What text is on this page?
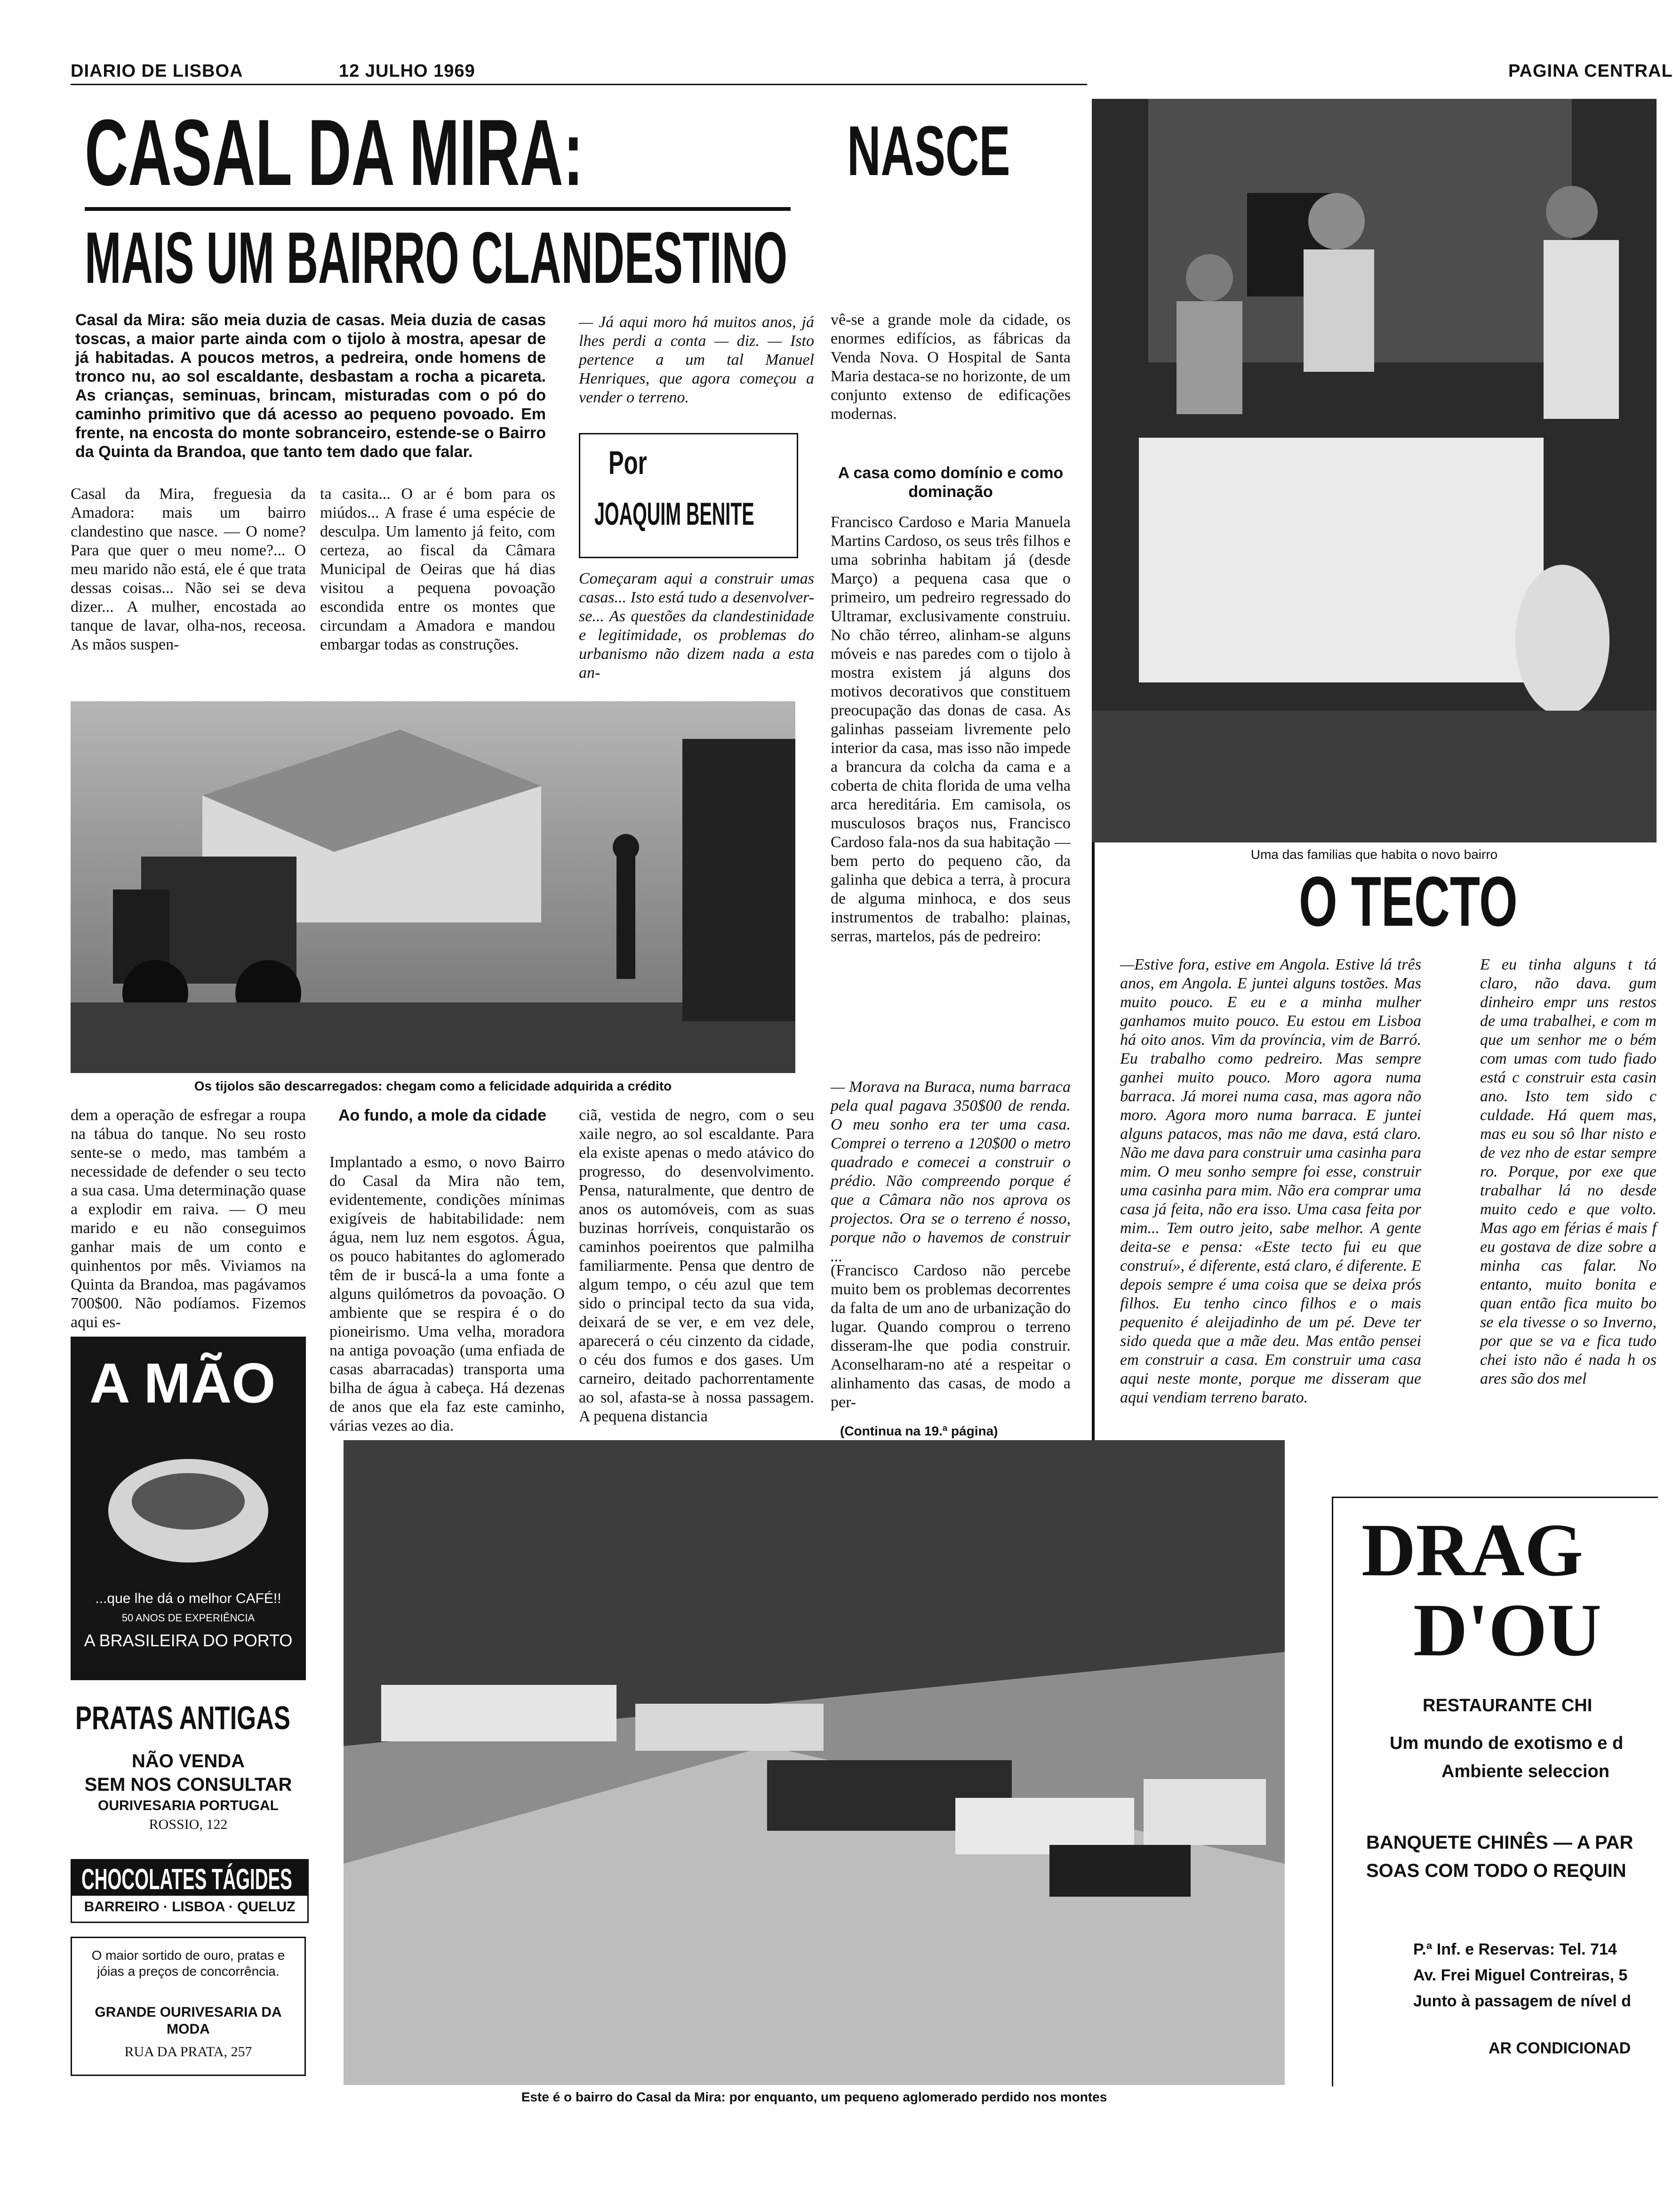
DIARIO DE LISBOA	12 JULHO 1969	PAGINA CENTRAL
CASAL DA MIRA:	NASCE
MAIS UM BAIRRO CLANDESTINO
Casal da Mira: são meia duzia de casas. Meia duzia de casas toscas, a maior parte ainda com o tijolo à mostra, apesar de já habitadas. A poucos metros, a pedreira, onde homens de tronco nu, ao sol escaldante, desbastam a rocha a picareta. As crianças, seminuas, brincam, misturadas com o pó do caminho primitivo que dá acesso ao pequeno povoado. Em frente, na encosta do monte sobranceiro, estende-se o Bairro da Quinta da Brandoa, que tanto tem dado que falar.	Por
JOAQUIM BENITE
Casal da Mira, freguesia da Amadora: mais um bairro clandestino que nasce. — O nome? Para que quer o meu nome?... O meu marido não está, ele é que trata dessas coisas... Não sei se deva dizer... A mulher, encostada ao tanque de lavar, olha-nos, receosa. As mãos suspen-
ta casita... O ar é bom para os miúdos... A frase é uma espécie de desculpa. Um lamento já feito, com certeza, ao fiscal da Câmara Municipal de Oeiras que há dias visitou a pequena povoação escondida entre os montes que circundam a Amadora e mandou embargar todas as construções.
— Já aqui moro há muitos anos, já lhes perdi a conta — diz. — Isto pertence a um tal Manuel Henriques, que agora começou a vender o terreno.
Começaram aqui a construir umas casas... Isto está tudo a desenvolver-se... As questões da clandestinidade e legitimidade, os problemas do urbanismo não dizem nada a esta an-
vê-se a grande mole da cidade, os enormes edifícios, as fábricas da Venda Nova. O Hospital de Santa Maria destaca-se no horizonte, de um conjunto extenso de edificações modernas.
A casa como domínio e como dominação
Francisco Cardoso e Maria Manuela Martins Cardoso, os seus três filhos e uma sobrinha habitam já (desde Março) a pequena casa que o primeiro, um pedreiro regressado do Ultramar, exclusivamente construiu. No chão térreo, alinham-se alguns móveis e nas paredes com o tijolo à mostra existem já alguns dos motivos decorativos que constituem preocupação das donas de casa. As galinhas passeiam livremente pelo interior da casa, mas isso não impede a brancura da colcha da cama e a coberta de chita florida de uma velha arca hereditária. Em camisola, os musculosos braços nus, Francisco Cardoso fala-nos da sua habitação — bem perto do pequeno cão, da galinha que debica a terra, à procura de alguma minhoca, e dos seus instrumentos de trabalho: plainas, serras, martelos, pás de pedreiro:
— Morava na Buraca, numa barraca pela qual pagava 350$00 de renda. O meu sonho era ter uma casa. Comprei o terreno a 120$00 o metro quadrado e comecei a construir o prédio. Não compreendo porque é que a Câmara não nos aprova os projectos. Ora se o terreno é nosso, porque não o havemos de construir ...
(Francisco Cardoso não percebe muito bem os problemas decorrentes da falta de um ano de urbanização do lugar. Quando comprou o terreno disseram-lhe que podia construir. Aconselharam-no até a respeitar o alinhamento das casas, de modo a per-
(Continua na 19.ª página)
Os tijolos são descarregados: chegam como a felicidade adquirida a crédito
Uma das familias que habita o novo bairro
O TECTO
—Estive fora, estive em Angola. Estive lá três anos, em Angola. E juntei alguns tostões. Mas muito pouco. E eu e a minha mulher ganhamos muito pouco. Eu estou em Lisboa há oito anos. Vim da província, vim de Barró. Eu trabalho como pedreiro. Mas sempre ganhei muito pouco. Moro agora numa barraca. Já morei numa casa, mas agora não moro. Agora moro numa barraca. E juntei alguns patacos, mas não me dava, está claro. Não me dava para construir uma casinha para mim. O meu sonho sempre foi esse, construir uma casinha para mim. Não era comprar uma casa já feita, não era isso. Uma casa feita por mim... Tem outro jeito, sabe melhor. A gente deita-se e pensa: «Este tecto fui eu que construí», é diferente, está claro, é diferente. E depois sempre é uma coisa que se deixa prós filhos. Eu tenho cinco filhos e o mais pequenito é aleijadinho de um pé. Deve ter sido queda que a mãe deu. Mas então pensei em construir a casa. Em construir uma casa aqui neste monte, porque me disseram que aqui vendiam terreno barato.
E eu tinha alguns t tá claro, não dava. gum dinheiro empr uns restos de uma trabalhei, e com m que um senhor me o bém com umas com tudo fiado está c construir esta casin ano. Isto tem sido c culdade. Há quem mas, mas eu sou sô lhar nisto e de vez nho de estar sempre ro. Porque, por exe que trabalhar lá no desde muito cedo e que volto. Mas ago em férias é mais f eu gostava de dize sobre a minha cas falar. No entanto, muito bonita e quan então fica muito bo se ela tivesse o so Inverno, por que se va e fica tudo chei isto não é nada h os ares são dos mel
dem a operação de esfregar a roupa na tábua do tanque. No seu rosto sente-se o medo, mas também a necessidade de defender o seu tecto a sua casa. Uma determinação quase a explodir em raiva. — O meu marido e eu não conseguimos ganhar mais de um conto e quinhentos por mês. Viviamos na Quinta da Brandoa, mas pagávamos 700$00. Não podíamos. Fizemos aqui es-
Ao fundo, a mole da cidade
Implantado a esmo, o novo Bairro do Casal da Mira não tem, evidentemente, condições mínimas exigíveis de habitabilidade: nem água, nem luz nem esgotos. Água, os pouco habitantes do aglomerado têm de ir buscá-la a uma fonte a alguns quilómetros da povoação. O ambiente que se respira é o do pioneirismo. Uma velha, moradora na antiga povoação (uma enfiada de casas abarracadas) transporta uma bilha de água à cabeça. Há dezenas de anos que ela faz este caminho, várias vezes ao dia.
ciã, vestida de negro, com o seu xaile negro, ao sol escaldante. Para ela existe apenas o medo atávico do progresso, do desenvolvimento. Pensa, naturalmente, que dentro de anos os automóveis, com as suas buzinas horríveis, conquistarão os caminhos poeirentos que palmilha familiarmente. Pensa que dentro de algum tempo, o céu azul que tem sido o principal tecto da sua vida, deixará de se ver, e em vez dele, aparecerá o céu cinzento da cidade, o céu dos fumos e dos gases. Um carneiro, deitado pachorrentamente ao sol, afasta-se à nossa passagem. A pequena distancia
A MÃO
...que lhe dá o melhor CAFÉ!!
50 ANOS DE EXPERIÊNCIA
A BRASILEIRA DO PORTO
PRATAS ANTIGAS
NÃO VENDA
SEM NOS CONSULTAR
OURIVESARIA PORTUGAL
ROSSIO, 122
CHOCOLATES TÁGIDES
BARREIRO · LISBOA · QUELUZ
O maior sortido de ouro, pratas e jóias a preços de concorrência.
GRANDE OURIVESARIA DA MODA
RUA DA PRATA, 257
Este é o bairro do Casal da Mira: por enquanto, um pequeno aglomerado perdido nos montes
DRAG
D'OU
RESTAURANTE CHI
Um mundo de exotismo e d
Ambiente seleccion
BANQUETE CHINÊS — A PAR
SOAS COM TODO O REQUIN
P.ª Inf. e Reservas: Tel. 714
Av. Frei Miguel Contreiras, 5
Junto à passagem de nível d
AR CONDICIONAD
